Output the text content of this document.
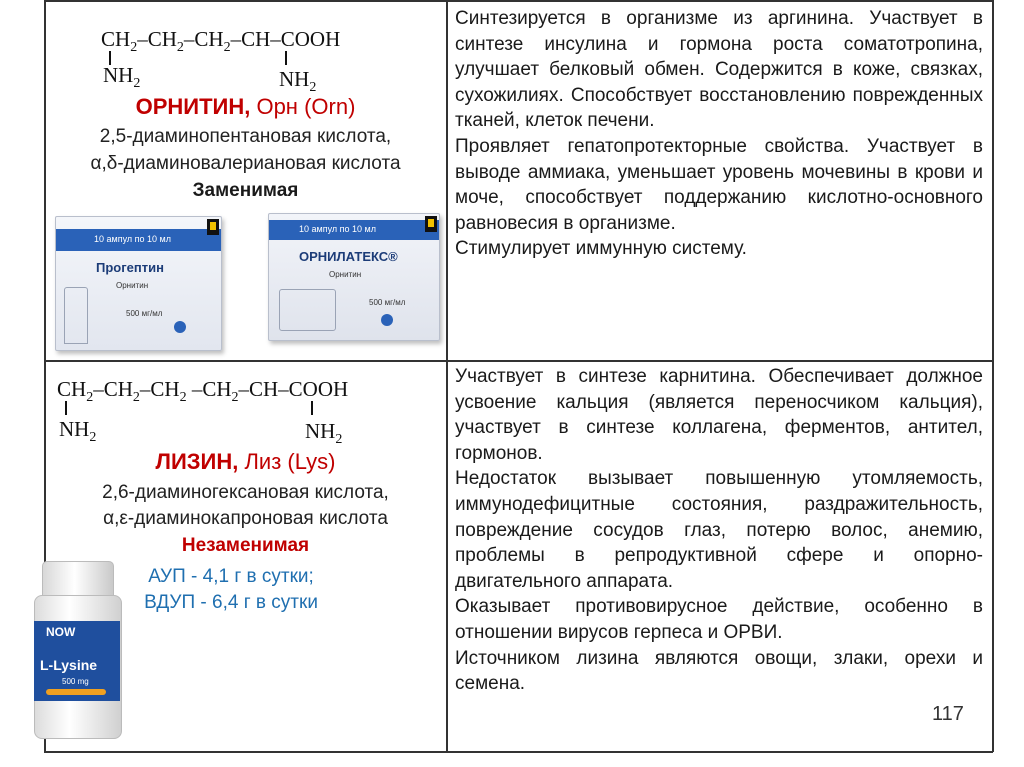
$CH_2-CH_2-CH_2-CH$–COOH
$NH_2$	$NH_2$
ОРНИТИН, Орн (Orn)
2,5-диаминопентановая кислота,
α,δ-диаминовалериановая кислота
Заменимая
10 ампул по 10 мл
Прогептин
Орнитин
500 мг/мл
10 ампул по 10 мл
ОРНИЛАТЕКС®
Орнитин
500 мг/мл

Синтезируется в организме из аргинина. Участвует в синтезе инсулина и гормона роста соматотропина, улучшает белковый обмен. Содержится в коже, связках, сухожилиях. Способствует восстановлению поврежденных тканей, клеток печени.

Проявляет гепатопротекторные свойства. Участвует в выводе аммиака, уменьшает уровень мочевины в крови и моче, способствует поддержанию кислотно-основного равновесия в организме.

Стимулирует иммунную систему.

$CH_2-CH_2-CH_2$ $-CH_2-CH$–COOH
$NH_2$	$NH_2$
ЛИЗИН, Лиз (Lys)
2,6-диаминогексановая кислота,
α,ε-диаминокапроновая кислота
Незаменимая
АУП - 4,1 г в сутки;
ВДУП - 6,4 г в сутки
NOW
L-Lysine
500 mg

Участвует в синтезе карнитина. Обеспечивает должное усвоение кальция (является переносчиком кальция), участвует в синтезе коллагена, ферментов, антител, гормонов.

Недостаток вызывает повышенную утомляемость, иммунодефицитные состояния, раздражительность, повреждение сосудов глаз, потерю волос, анемию, проблемы в репродуктивной сфере и опорно-двигательного аппарата.

Оказывает противовирусное действие, особенно в отношении вирусов герпеса и ОРВИ.

Источником лизина являются овощи, злаки, орехи и семена.

117
